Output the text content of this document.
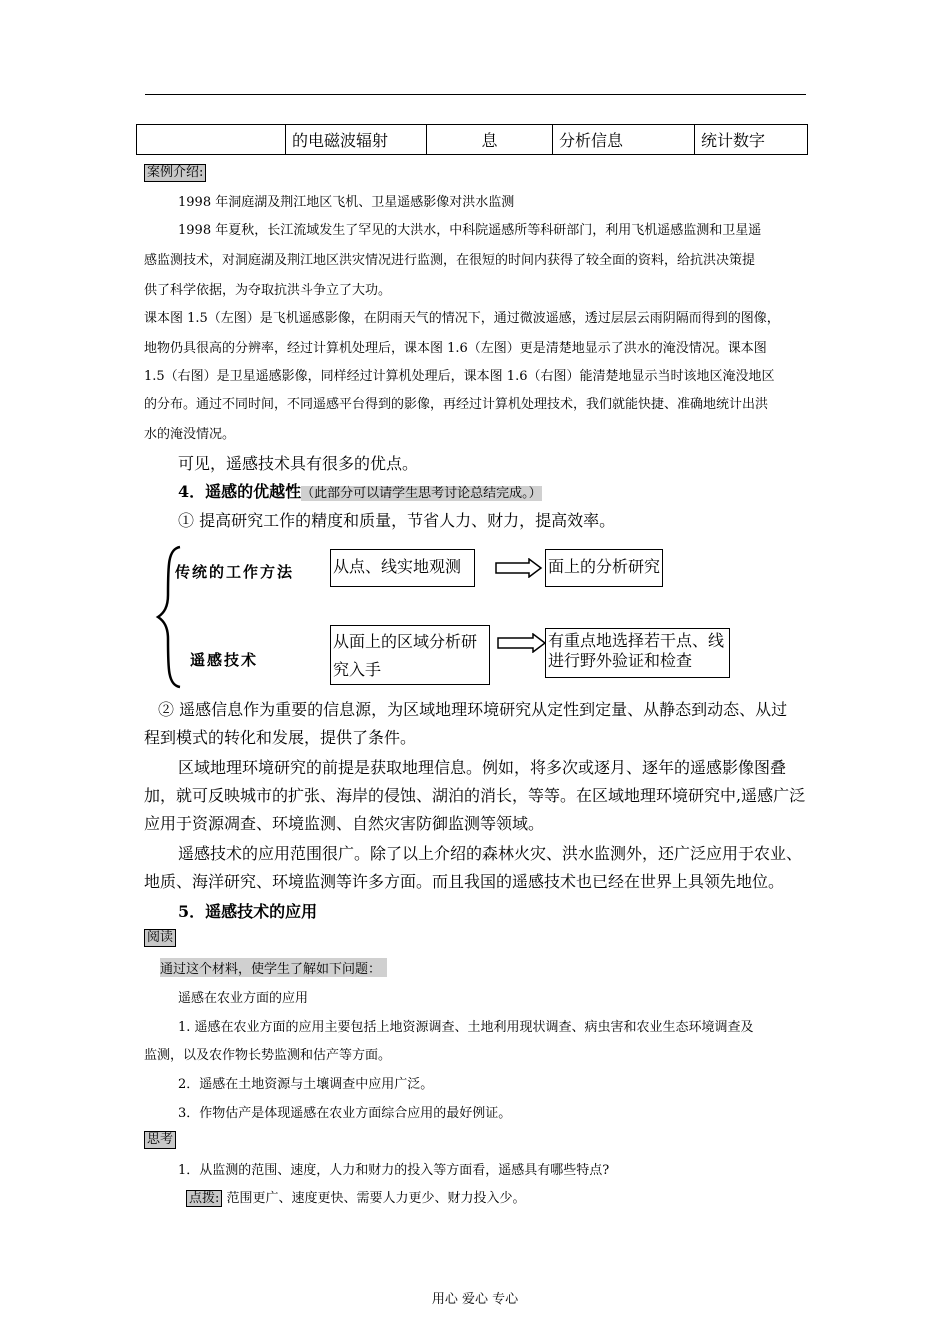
	的电磁波辐射	息	分析信息	统计数字
案例介绍:
1998 年洞庭湖及荆江地区飞机、卫星遥感影像对洪水监测
1998 年夏秋，长江流域发生了罕见的大洪水，中科院遥感所等科研部门，利用飞机遥感监测和卫星遥
感监测技术，对洞庭湖及荆江地区洪灾情况进行监测，在很短的时间内获得了较全面的资料，给抗洪决策提
供了科学依据，为夺取抗洪斗争立了大功。
课本图 1.5（左图）是飞机遥感影像，在阴雨天气的情况下，通过微波遥感，透过层层云雨阴隔而得到的图像，
地物仍具很高的分辨率，经过计算机处理后，课本图 1.6（左图）更是清楚地显示了洪水的淹没情况。课本图
1.5（右图）是卫星遥感影像，同样经过计算机处理后，课本图 1.6（右图）能清楚地显示当时该地区淹没地区
的分布。通过不同时间，不同遥感平台得到的影像，再经过计算机处理技术，我们就能快捷、准确地统计出洪
水的淹没情况。
可见，遥感技术具有很多的优点。
4．遥感的优越性（此部分可以请学生思考讨论总结完成。）
① 提高研究工作的精度和质量，节省人力、财力，提高效率。
传统的工作方法
遥感技术
从点、线实地观测	面上的分析研究
从面上的区域分析研究入手
有重点地选择若干点、线进行野外验证和检查
② 遥感信息作为重要的信息源，为区域地理环境研究从定性到定量、从静态到动态、从过
程到模式的转化和发展，提供了条件。
区域地理环境研究的前提是获取地理信息。例如，将多次或逐月、逐年的遥感影像图叠
加，就可反映城市的扩张、海岸的侵蚀、湖泊的消长，等等。在区域地理环境研究中,遥感广泛
应用于资源凋查、环境监测、自然灾害防御监测等领域。
遥感技术的应用范围很广。除了以上介绍的森林火灾、洪水监测外，还广泛应用于农业、
地质、海洋研究、环境监测等许多方面。而且我国的遥感技术也已经在世界上具领先地位。
5．遥感技术的应用
阅读
通过这个材料，使学生了解如下问题：
遥感在农业方面的应用
1. 遥感在农业方面的应用主要包括上地资源调查、土地利用现状调查、病虫害和农业生态环境调查及
监测，以及农作物长势监测和估产等方面。
2．遥感在土地资源与土壤调查中应用广泛。
3．作物估产是体现遥感在农业方面综合应用的最好例证。
思考
1．从监测的范围、速度，人力和财力的投入等方面看，遥感具有哪些特点?
点拨: 范围更广、速度更快、需要人力更少、财力投入少。
用心 爱心 专心
